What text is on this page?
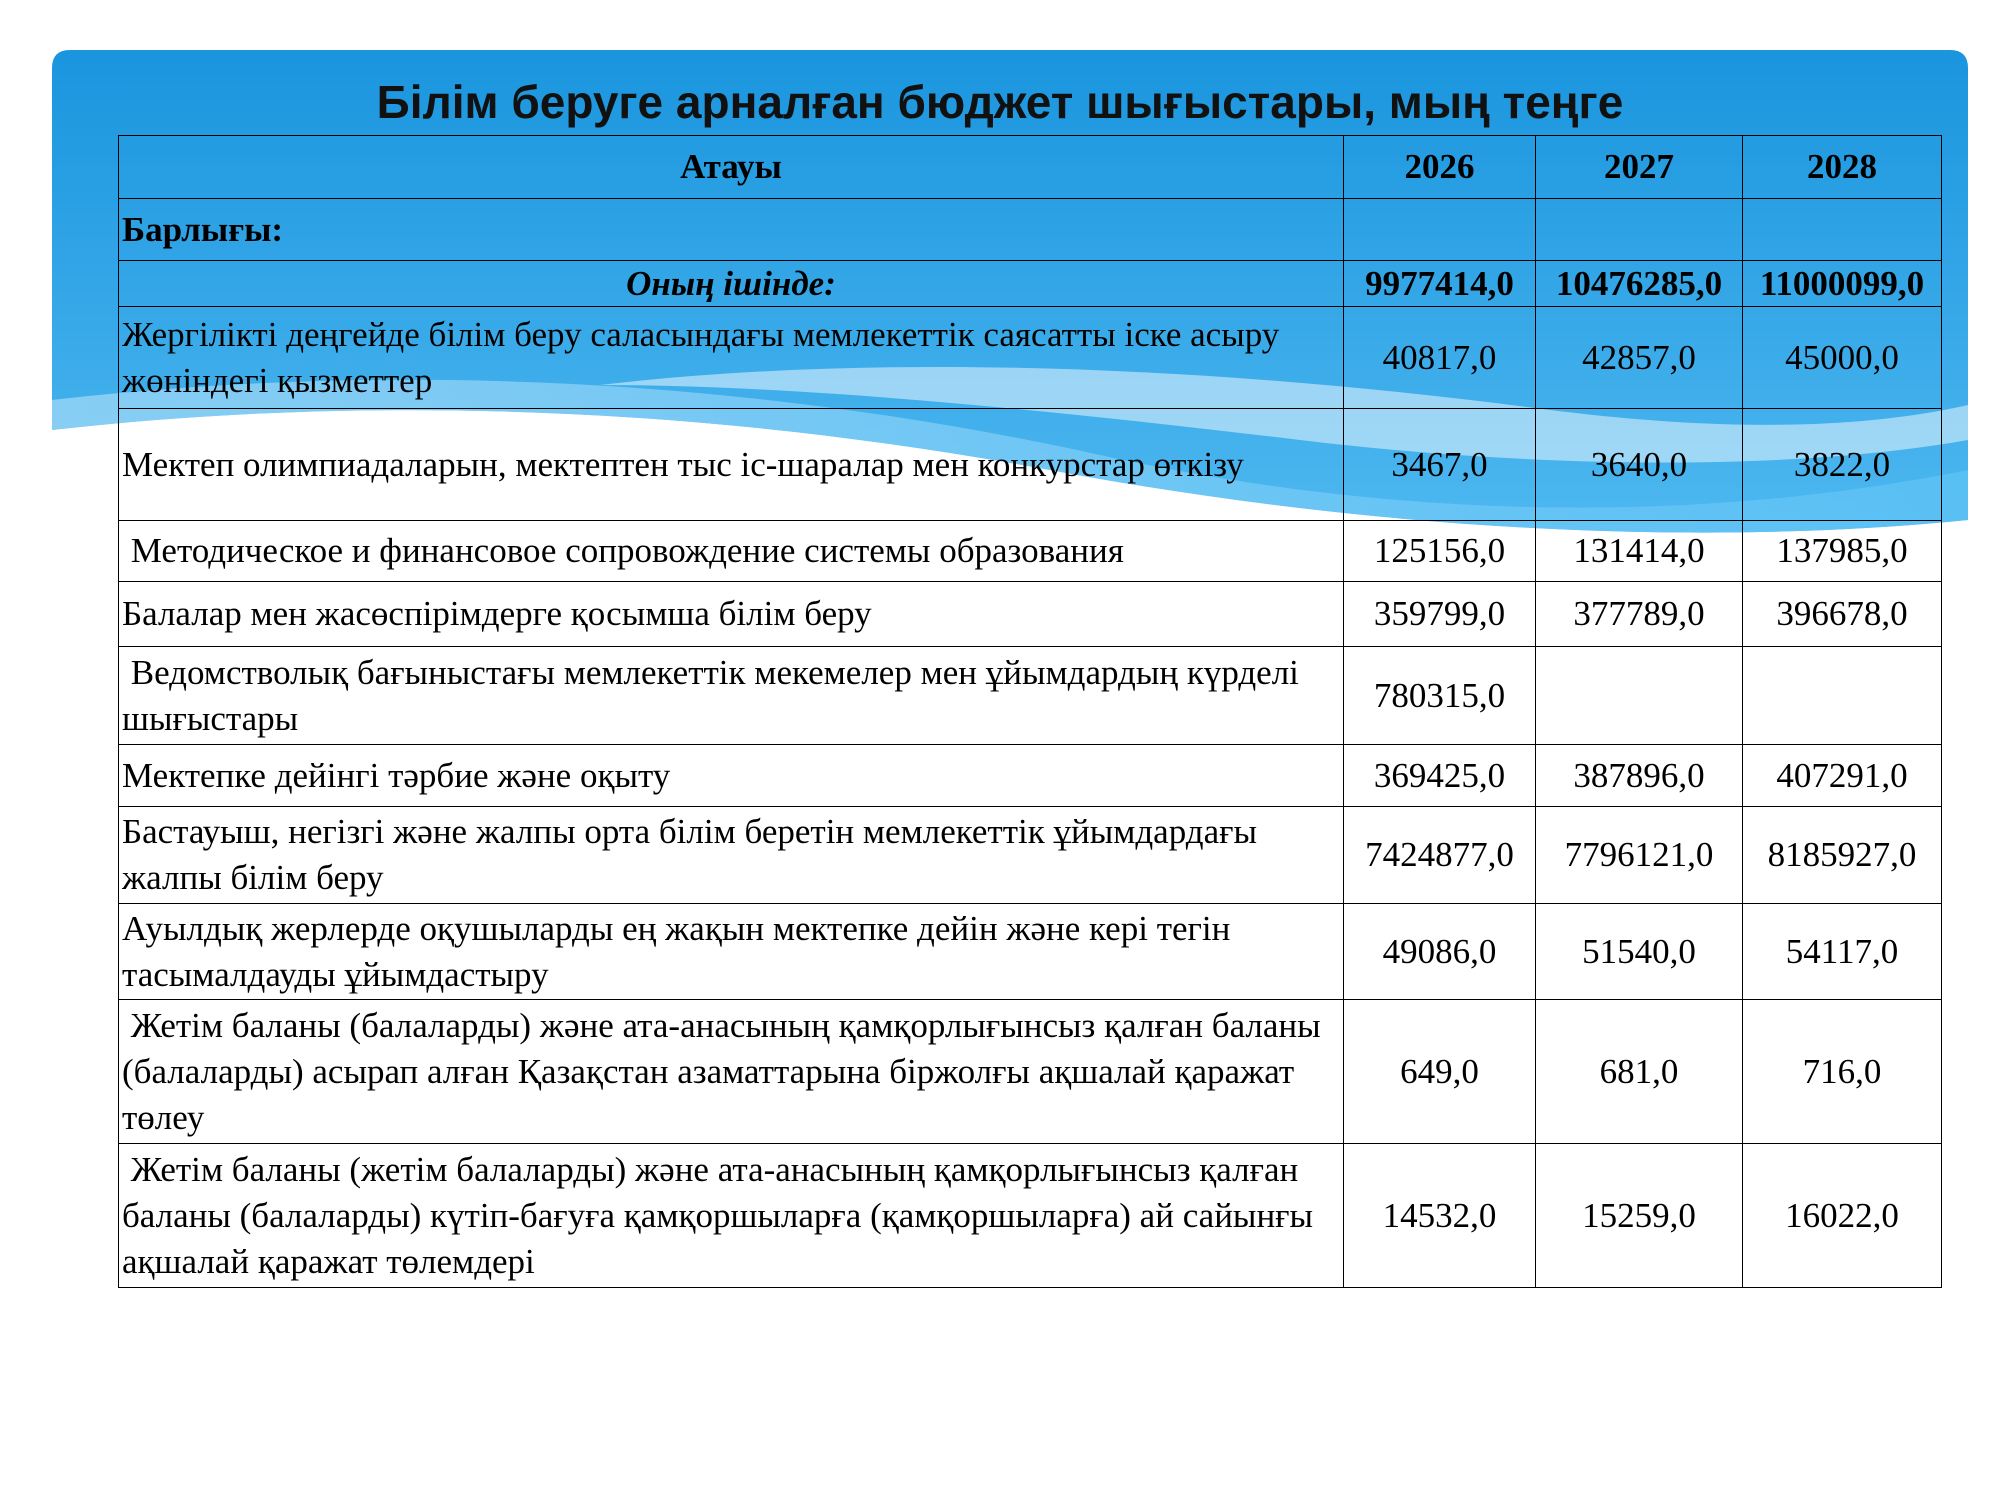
Білім беруге арналған бюджет шығыстары, мың теңге
Атауы	2026	2027	2028
Барлығы:			
Оның ішінде:	9977414,0	10476285,0	11000099,0
Жергілікті деңгейде білім беру саласындағы мемлекеттік саясатты іске асыру жөніндегі қызметтер	40817,0	42857,0	45000,0
Мектеп олимпиадаларын, мектептен тыс іс-шаралар мен конкурстар өткізу	3467,0	3640,0	3822,0
Методическое и финансовое сопровождение системы образования	125156,0	131414,0	137985,0
Балалар мен жасөспірімдерге қосымша білім беру	359799,0	377789,0	396678,0
Ведомстволық бағыныстағы мемлекеттік мекемелер мен ұйымдардың күрделі шығыстары	780315,0		
Мектепке дейінгі тәрбие және оқыту	369425,0	387896,0	407291,0
Бастауыш, негізгі және жалпы орта білім беретін мемлекеттік ұйымдардағы жалпы білім беру	7424877,0	7796121,0	8185927,0
Ауылдық жерлерде оқушыларды ең жақын мектепке дейін және кері тегін тасымалдауды ұйымдастыру	49086,0	51540,0	54117,0
Жетім баланы (балаларды) және ата-анасының қамқорлығынсыз қалған баланы (балаларды) асырап алған Қазақстан азаматтарына біржолғы ақшалай қаражат төлеу	649,0	681,0	716,0
Жетім баланы (жетім балаларды) және ата-анасының қамқорлығынсыз қалған баланы (балаларды) күтіп-бағуға қамқоршыларға (қамқоршыларға) ай сайынғы ақшалай қаражат төлемдері	14532,0	15259,0	16022,0
